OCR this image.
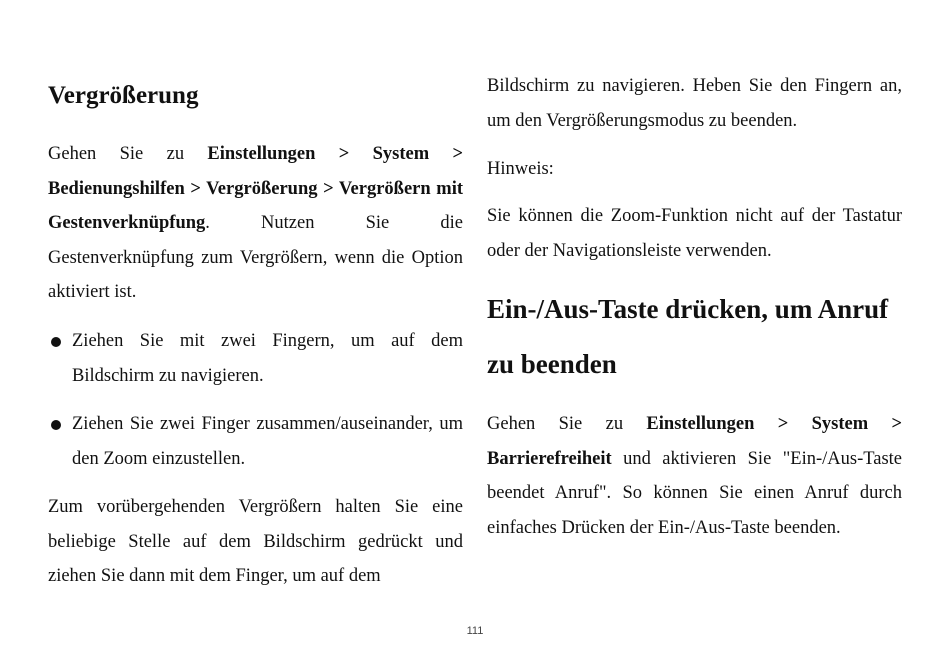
Vergrößerung

Gehen Sie zu Einstellungen > System > Bedienungshilfen > Vergrößerung > Vergrößern mit Gestenverknüpfung. Nutzen Sie die Gestenverknüpfung zum Vergrößern, wenn die Option aktiviert ist.

Ziehen Sie mit zwei Fingern, um auf dem Bildschirm zu navigieren.
Ziehen Sie zwei Finger zusammen/auseinander, um den Zoom einzustellen.

Zum vorübergehenden Vergrößern halten Sie eine beliebige Stelle auf dem Bildschirm gedrückt und ziehen Sie dann mit dem Finger, um auf dem

Bildschirm zu navigieren. Heben Sie den Fingern an, um den Vergrößerungsmodus zu beenden.

Hinweis:

Sie können die Zoom-Funktion nicht auf der Tastatur oder der Navigationsleiste verwenden.

Ein-/Aus-Taste drücken, um Anruf zu beenden

Gehen Sie zu Einstellungen > System > Barrierefreiheit und aktivieren Sie "Ein-/Aus-Taste beendet Anruf". So können Sie einen Anruf durch einfaches Drücken der Ein-/Aus-Taste beenden.

111
